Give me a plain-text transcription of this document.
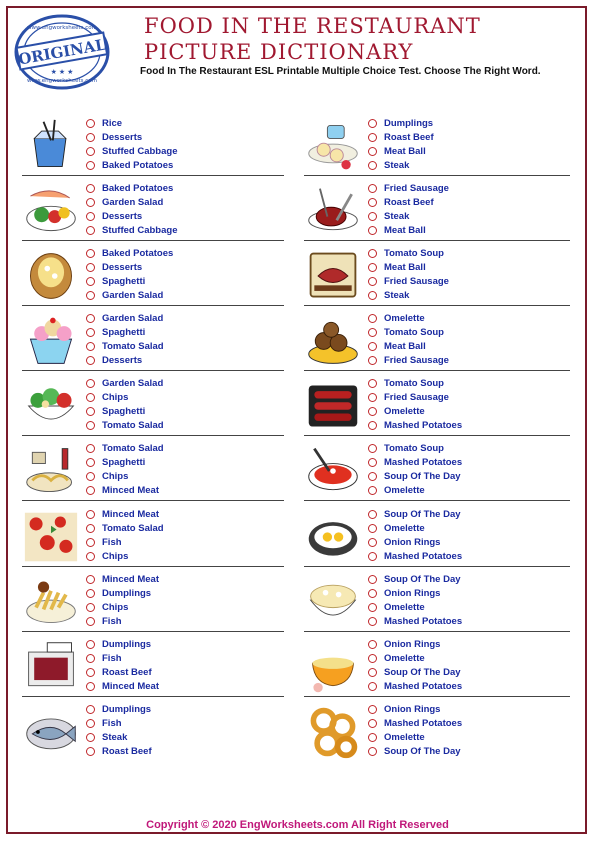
ORIGINAL
www.engworksheets.com
www.engworksheets.com
★ ★ ★
FOOD IN THE RESTAURANT
PICTURE DICTIONARY
Food In The Restaurant ESL Printable Multiple Choice Test. Choose The Right Word.
Rice
Desserts
Stuffed Cabbage
Baked Potatoes
Dumplings
Roast Beef
Meat Ball
Steak
Baked Potatoes
Garden Salad
Desserts
Stuffed Cabbage
Fried Sausage
Roast Beef
Steak
Meat Ball
Baked Potatoes
Desserts
Spaghetti
Garden Salad
Tomato Soup
Meat Ball
Fried Sausage
Steak
Garden Salad
Spaghetti
Tomato Salad
Desserts
Omelette
Tomato Soup
Meat Ball
Fried Sausage
Garden Salad
Chips
Spaghetti
Tomato Salad
Tomato Soup
Fried Sausage
Omelette
Mashed Potatoes
Tomato Salad
Spaghetti
Chips
Minced Meat
Tomato Soup
Mashed Potatoes
Soup Of The Day
Omelette
Minced Meat
Tomato Salad
Fish
Chips
Soup Of The Day
Omelette
Onion Rings
Mashed Potatoes
Minced Meat
Dumplings
Chips
Fish
Soup Of The Day
Onion Rings
Omelette
Mashed Potatoes
Dumplings
Fish
Roast Beef
Minced Meat
Onion Rings
Omelette
Soup Of The Day
Mashed Potatoes
Dumplings
Fish
Steak
Roast Beef
Onion Rings
Mashed Potatoes
Omelette
Soup Of The Day
Copyright © 2020 EngWorksheets.com All Right Reserved
